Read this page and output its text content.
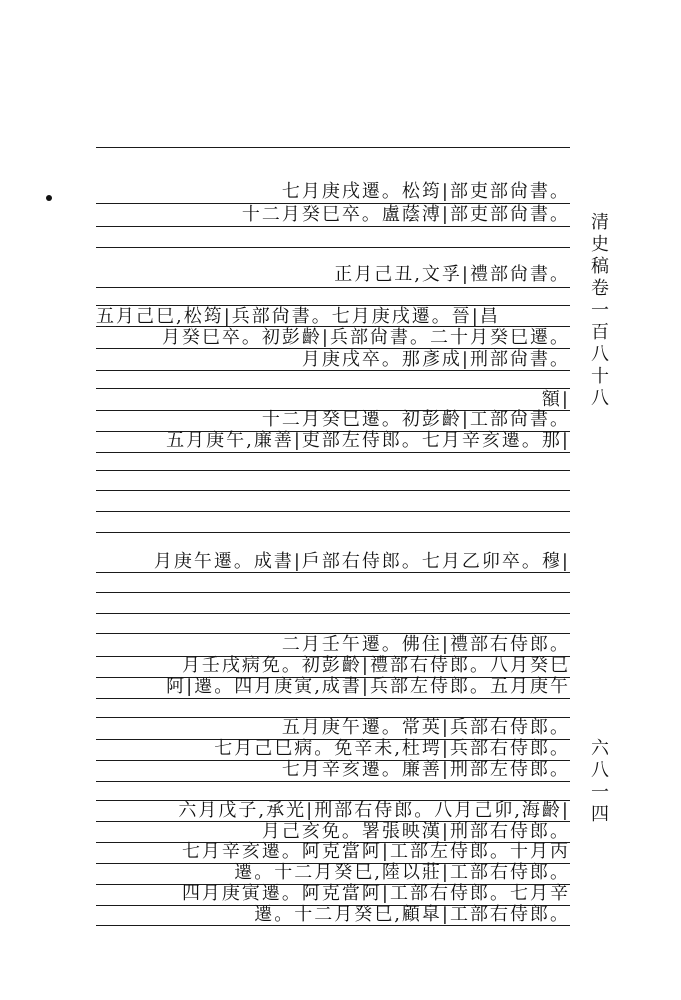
七月庚戌遷。松筠|部吏部尙書。
十二月癸巳卒。盧蔭溥|部吏部尙書。
正月己丑,文孚|禮部尙書。
五月己巳,松筠|兵部尙書。七月庚戌遷。晉|昌
月癸巳卒。初彭齡|兵部尙書。二十月癸巳遷。
月庚戌卒。那彥成|刑部尙書。
額|
十二月癸巳遷。初彭齡|工部尙書。
五月庚午,廉善|吏部左侍郎。七月辛亥遷。那|
月庚午遷。成書|戶部右侍郎。七月乙卯卒。穆|
二月壬午遷。佛住|禮部右侍郎。
月壬戌病免。初彭齡|禮部右侍郎。八月癸巳
阿|遷。四月庚寅,成書|兵部左侍郎。五月庚午
五月庚午遷。常英|兵部右侍郎。
七月己巳病。免辛未,杜堮|兵部右侍郎。
七月辛亥遷。廉善|刑部左侍郎。
六月戊子,承光|刑部右侍郎。八月己卯,海齡|
月己亥免。署張映漢|刑部右侍郎。
七月辛亥遷。阿克當阿|工部左侍郎。十月丙
遷。十二月癸巳,陸以莊|工部右侍郎。
四月庚寅遷。阿克當阿|工部右侍郎。七月辛
遷。十二月癸巳,顧皐|工部右侍郎。
清史稿卷一百八十八
六八一四
